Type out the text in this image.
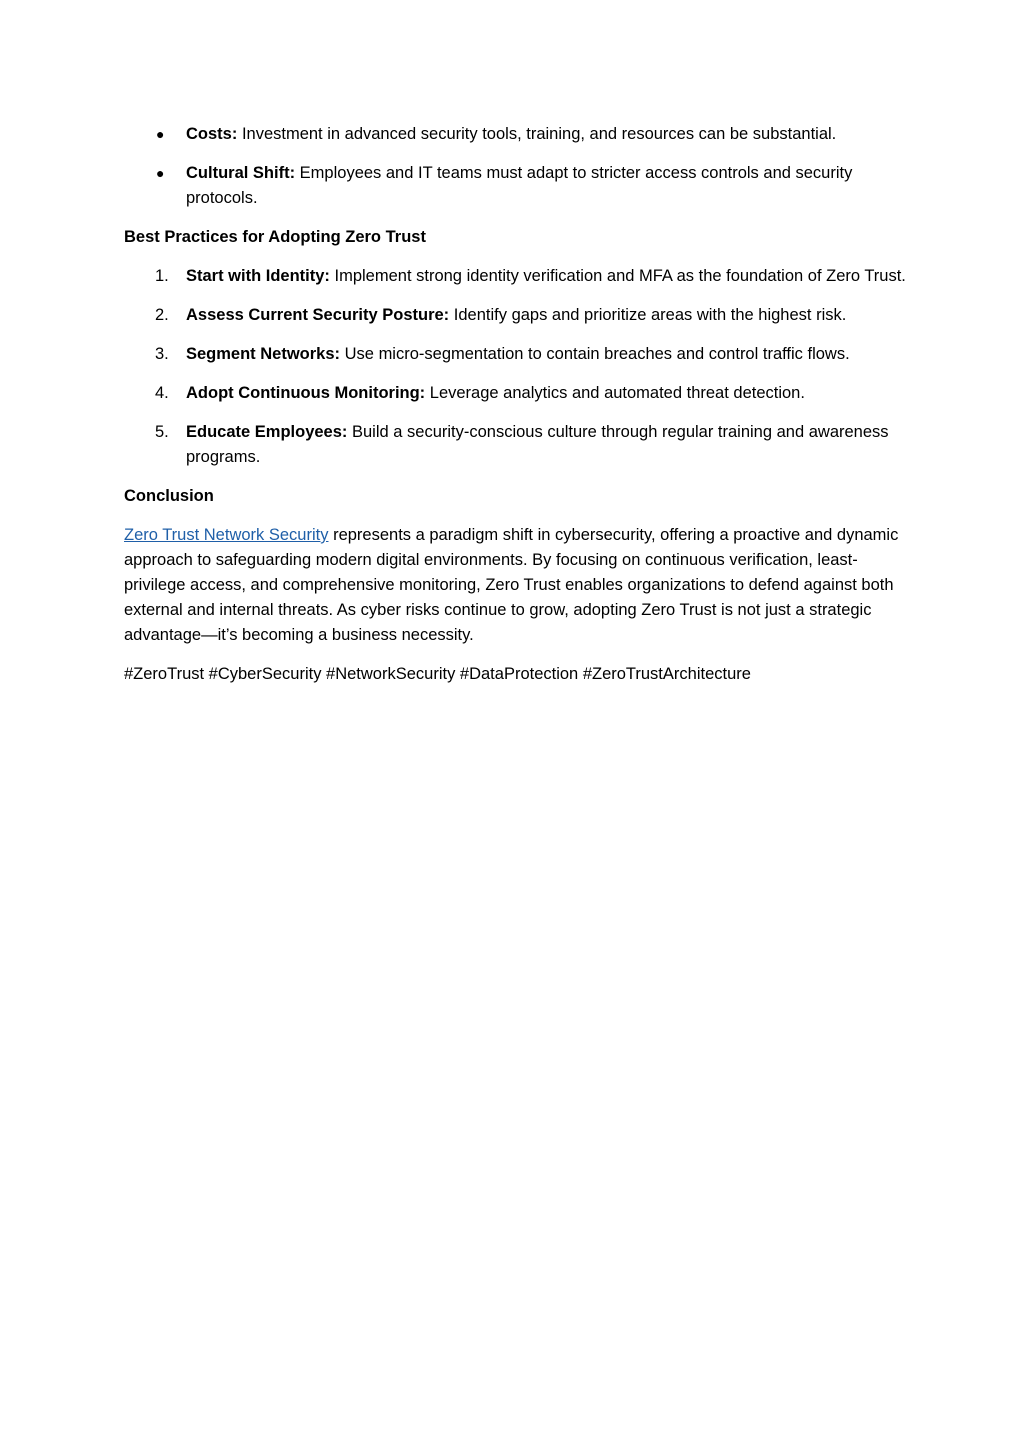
● Costs: Investment in advanced security tools, training, and resources can be substantial.
● Cultural Shift: Employees and IT teams must adapt to stricter access controls and security protocols.

Best Practices for Adopting Zero Trust

1. Start with Identity: Implement strong identity verification and MFA as the foundation of Zero Trust.
2. Assess Current Security Posture: Identify gaps and prioritize areas with the highest risk.
3. Segment Networks: Use micro-segmentation to contain breaches and control traffic flows.
4. Adopt Continuous Monitoring: Leverage analytics and automated threat detection.
5. Educate Employees: Build a security-conscious culture through regular training and awareness programs.

Conclusion

Zero Trust Network Security represents a paradigm shift in cybersecurity, offering a proactive and dynamic approach to safeguarding modern digital environments. By focusing on continuous verification, least-privilege access, and comprehensive monitoring, Zero Trust enables organizations to defend against both external and internal threats. As cyber risks continue to grow, adopting Zero Trust is not just a strategic advantage—it’s becoming a business necessity.

#ZeroTrust #CyberSecurity #NetworkSecurity #DataProtection #ZeroTrustArchitecture
